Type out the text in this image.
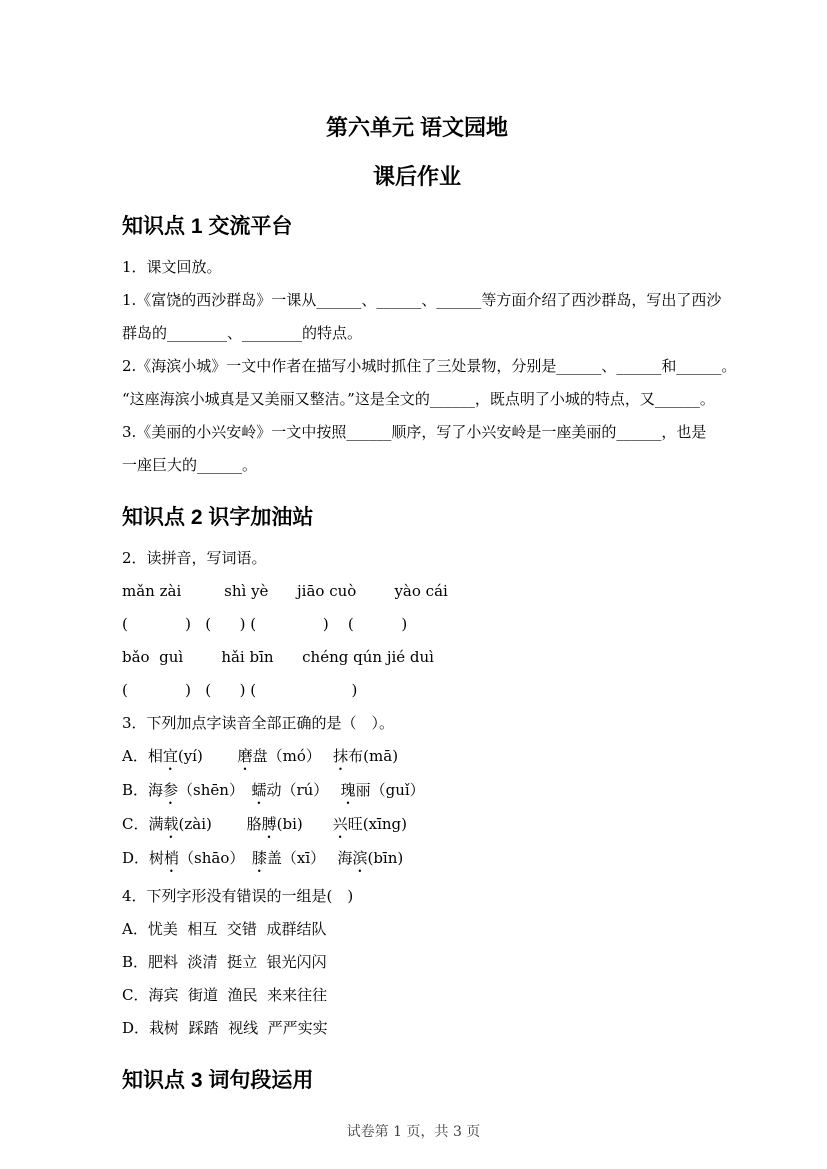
第六单元 语文园地
课后作业
知识点 1 交流平台
1．课文回放。
1.《富饶的西沙群岛》一课从______、______、______等方面介绍了西沙群岛，写出了西沙
群岛的________、________的特点。
2.《海滨小城》一文中作者在描写小城时抓住了三处景物，分别是______、______和______。
“这座海滨小城真是又美丽又整洁。”这是全文的______，既点明了小城的特点，又______。
3.《美丽的小兴安岭》一文中按照______顺序，写了小兴安岭是一座美丽的______，也是
一座巨大的______。
知识点 2 识字加油站
2．读拼音，写词语。
mǎn zài         shì yè      jiāo cuò        yào cái
(            )   (      ) (              )    (          )
bǎo  guì        hǎi bīn      chéng qún jié duì
(            )   (      ) (                    )
3．下列加点字读音全部正确的是（　）。
A．相宜(yí)　　 磨盘（mó）　 抹布(mā)
B．海参（shēn）　蠕动（rú）　 瑰丽（guǐ）
C．满载(zài)　　 胳膊(bi)　　兴旺(xīng)
D．树梢（shāo）　膝盖（xī）　 海滨(bīn)
4．下列字形没有错误的一组是(　)
A．忧美  相互  交错  成群结队
B．肥料  淡清  挺立  银光闪闪
C．海宾  街道  渔民  来来往往
D．栽树  踩踏  视线  严严实实
知识点 3 词句段运用
试卷第 1 页，共 3 页
